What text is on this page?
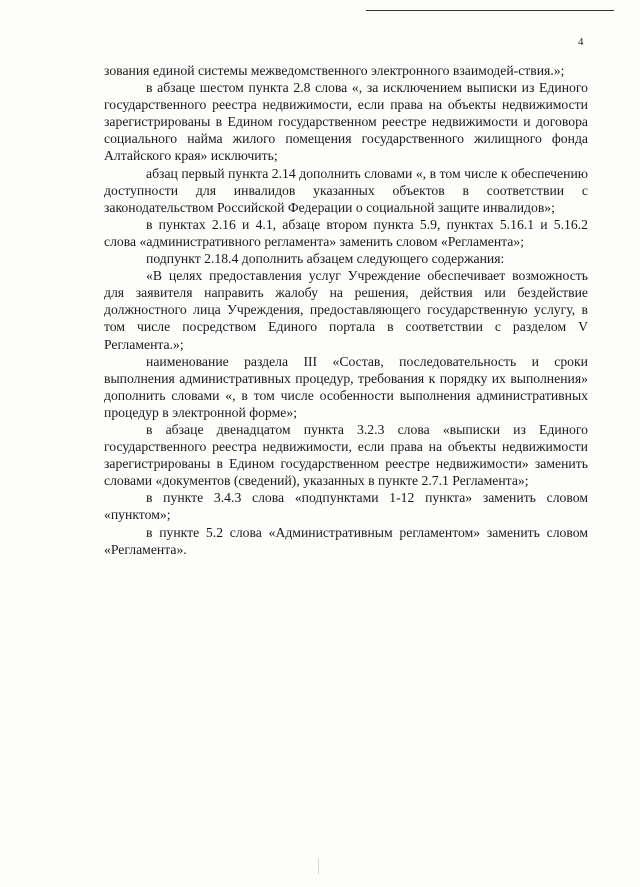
4

зования единой системы межведомственного электронного взаимодей-ствия.»;

в абзаце шестом пункта 2.8 слова «, за исключением выписки из Единого государственного реестра недвижимости, если права на объекты недвижимости зарегистрированы в Едином государственном реестре недвижимости и договора социального найма жилого помещения государственного жилищного фонда Алтайского края» исключить;

абзац первый пункта 2.14 дополнить словами «, в том числе к обеспечению доступности для инвалидов указанных объектов в соответствии с законодательством Российской Федерации о социальной защите инвалидов»;

в пунктах 2.16 и 4.1, абзаце втором пункта 5.9, пунктах 5.16.1 и 5.16.2 слова «административного регламента» заменить словом «Регламента»;

подпункт 2.18.4 дополнить абзацем следующего содержания:

«В целях предоставления услуг Учреждение обеспечивает возможность для заявителя направить жалобу на решения, действия или бездействие должностного лица Учреждения, предоставляющего государственную услугу, в том числе посредством Единого портала в соответствии с разделом V Регламента.»;

наименование раздела III «Состав, последовательность и сроки выполнения административных процедур, требования к порядку их выполнения» дополнить словами «, в том числе особенности выполнения административных процедур в электронной форме»;

в абзаце двенадцатом пункта 3.2.3 слова «выписки из Единого государственного реестра недвижимости, если права на объекты недвижимости зарегистрированы в Едином государственном реестре недвижимости» заменить словами «документов (сведений), указанных в пункте 2.7.1 Регламента»;

в пункте 3.4.3 слова «подпунктами 1-12 пункта» заменить словом «пунктом»;

в пункте 5.2 слова «Административным регламентом» заменить словом «Регламента».
